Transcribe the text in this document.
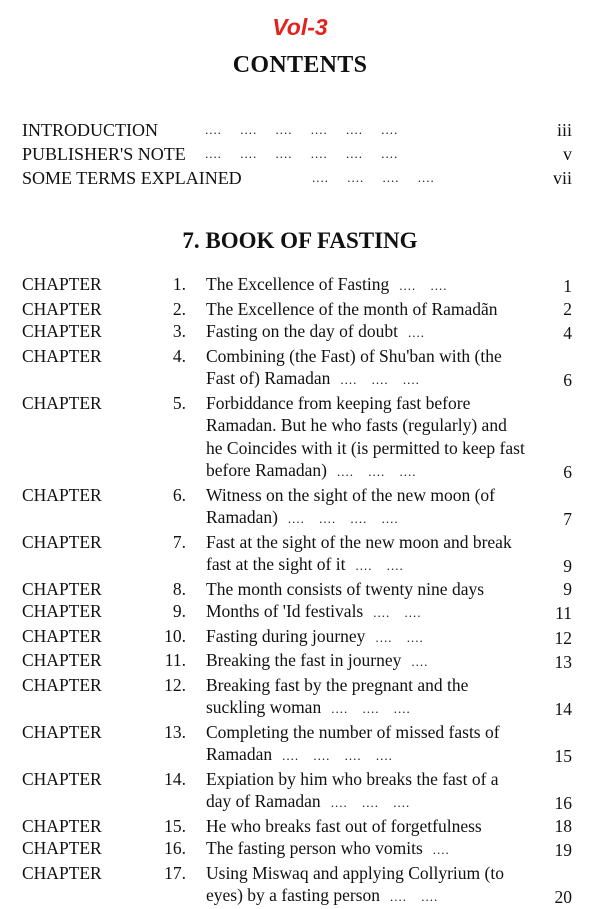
Vol-3
CONTENTS
INTRODUCTION	.... .... .... .... .... ....	iii
PUBLISHER'S NOTE .... .... .... .... .... ....	v
SOME TERMS EXPLAINED	.... .... .... ....	vii
7. BOOK OF FASTING
CHAPTER	1. The Excellence of Fasting .... ....	1
CHAPTER	2. The Excellence of the month of Ramadãn	2
CHAPTER	3. Fasting on the day of doubt ....	4
CHAPTER	4. Combining (the Fast) of Shu'ban with (the
Fast of) Ramadan .... .... ....	6
CHAPTER	5. Forbiddance from keeping fast before
Ramadan. But he who fasts (regularly) and
he Coincides with it (is permitted to keep fast
before Ramadan) .... .... ....	6
CHAPTER	6. Witness on the sight of the new moon (of
Ramadan) .... .... .... ....	7
CHAPTER	7. Fast at the sight of the new moon and break
fast at the sight of it .... ....	9
CHAPTER	8. The month consists of twenty nine days	9
CHAPTER	9. Months of 'Id festivals .... ....	11
CHAPTER	10. Fasting during journey .... ....	12
CHAPTER	11. Breaking the fast in journey ....	13
CHAPTER	12. Breaking fast by the pregnant and the
suckling woman .... .... ....	14
CHAPTER	13. Completing the number of missed fasts of
Ramadan .... .... .... ....	15
CHAPTER	14. Expiation by him who breaks the fast of a
day of Ramadan .... .... ....	16
CHAPTER	15. He who breaks fast out of forgetfulness	18
CHAPTER	16. The fasting person who vomits ....	19
CHAPTER	17. Using Miswaq and applying Collyrium (to
eyes) by a fasting person .... ....	20
